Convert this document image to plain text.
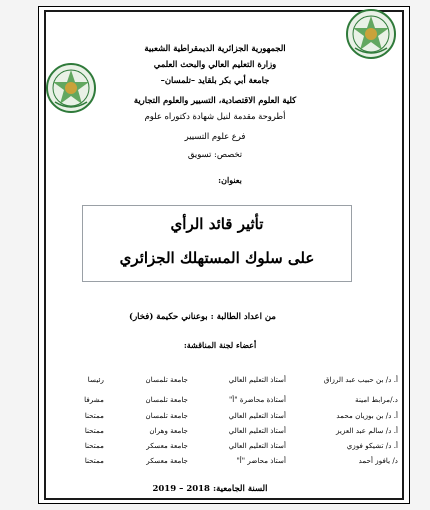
الجمهورية الجزائرية الديمقراطية الشعبية
وزارة التعليم العالي والبحث العلمي
جامعة أبي بكر بلقايد –تلمسان–
كلية العلوم الاقتصادية، التسيير والعلوم التجارية
أطروحة مقدمة لنيل شهادة دكتوراه علوم
فرع علوم التسيير
تخصص: تسويق
بعنوان:
تأثير قائد الرأي
على سلوك المستهلك الجزائري
من اعداد الطالبة : بوعناني حكيمة (فخار)
أعضاء لجنة المناقشة:
أ. د/ بن حبيب عبد الرزاق
أستاذ التعليم العالي
جامعة تلمسان
رئيسا
د./مرابط امينة
أستاذة محاضرة "أ"
جامعة تلمسان
مشرفا
أ. د/ بن بوزيان محمد
أستاذ التعليم العالي
جامعة تلمسان
ممتحنا
أ. د/ سالم عبد العزيز
أستاذ التعليم العالي
جامعة وهران
ممتحنا
أ. د/ تشيكو فوزي
أستاذ التعليم العالي
جامعة معسكر
ممتحنا
د/ يافوز أحمد
أستاذ محاضر "أ"
جامعة معسكر
ممتحنا
السنة الجامعية: 2018 – 2019
